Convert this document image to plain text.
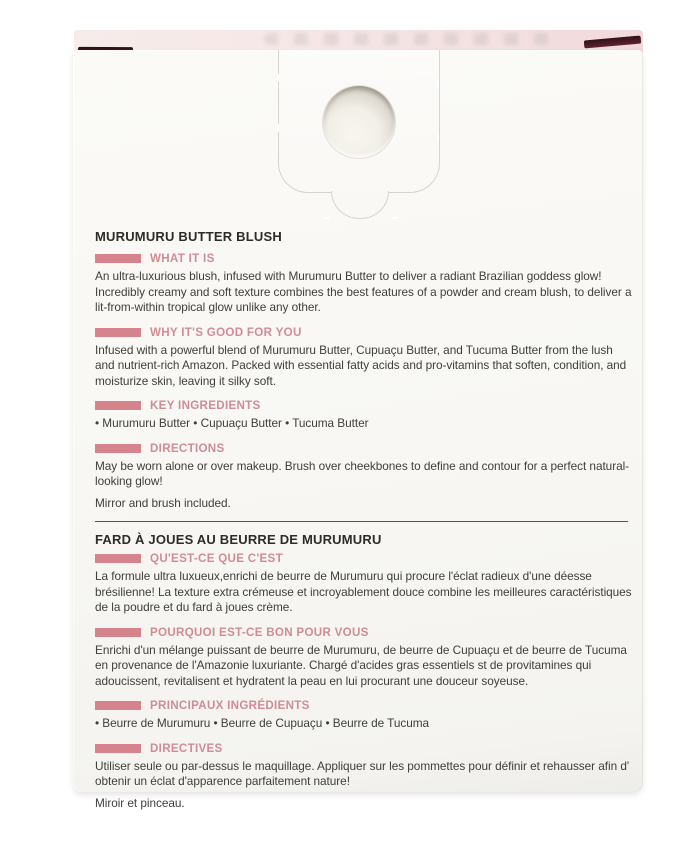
MURUMURU BUTTER BLUSH

WHAT IT IS

An ultra-luxurious blush, infused with Murumuru Butter to deliver a radiant Brazilian goddess glow! Incredibly creamy and soft texture combines the best features of a powder and cream blush, to deliver a lit-from-within tropical glow unlike any other.

WHY IT'S GOOD FOR YOU

Infused with a powerful blend of Murumuru Butter, Cupuaçu Butter, and Tucuma Butter from the lush and nutrient-rich Amazon. Packed with essential fatty acids and pro-vitamins that soften, condition, and moisturize skin, leaving it silky soft.

KEY INGREDIENTS

• Murumuru Butter • Cupuaçu Butter • Tucuma Butter

DIRECTIONS

May be worn alone or over makeup. Brush over cheekbones to define and contour for a perfect natural-looking glow!

Mirror and brush included.

FARD À JOUES AU BEURRE DE MURUMURU

QU'EST-CE QUE C'EST

La formule ultra luxueux,enrichi de beurre de Murumuru qui procure l'éclat radieux d'une déesse brésilienne! La texture extra crémeuse et incroyablement douce combine les meilleures caractéristiques de la poudre et du fard à joues crème.

POURQUOI EST-CE BON POUR VOUS

Enrichi d'un mélange puissant de beurre de Murumuru, de beurre de Cupuaçu et de beurre de Tucuma en provenance de l'Amazonie luxuriante. Chargé d'acides gras essentiels st de provitamines qui adoucissent, revitalisent et hydratent la peau en lui procurant une douceur soyeuse.

PRINCIPAUX INGRÉDIENTS

• Beurre de Murumuru • Beurre de Cupuaçu • Beurre de Tucuma

DIRECTIVES

Utiliser seule ou par-dessus le maquillage. Appliquer sur les pommettes pour définir et rehausser afin d' obtenir un éclat d'apparence parfaitement nature!

Miroir et pinceau.
